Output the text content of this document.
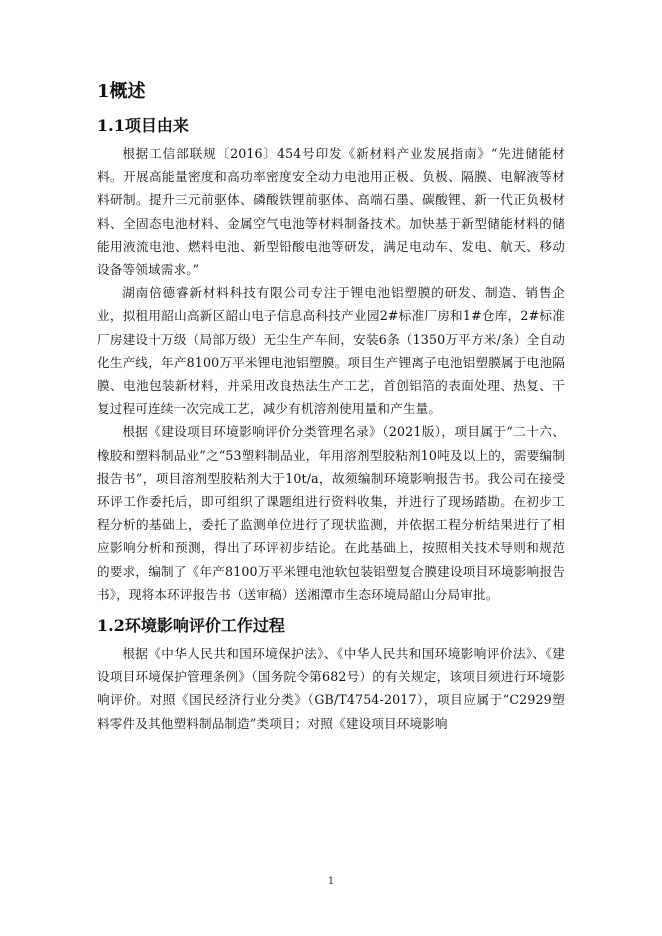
1概述
1.1项目由来

根据工信部联规〔2016〕454号印发《新材料产业发展指南》“先进储能材料。开展高能量密度和高功率密度安全动力电池用正极、负极、隔膜、电解液等材料研制。提升三元前驱体、磷酸铁锂前驱体、高端石墨、碳酸锂、新一代正负极材料、全固态电池材料、金属空气电池等材料制备技术。加快基于新型储能材料的储能用液流电池、燃料电池、新型铅酸电池等研发，满足电动车、发电、航天、移动设备等领域需求。”

湖南倍德睿新材料科技有限公司专注于锂电池铝塑膜的研发、制造、销售企业，拟租用韶山高新区韶山电子信息高科技产业园2#标准厂房和1#仓库，2#标准厂房建设十万级（局部万级）无尘生产车间，安装6条（1350万平方米/条）全自动化生产线，年产8100万平米锂电池铝塑膜。项目生产锂离子电池铝塑膜属于电池隔膜、电池包装新材料，并采用改良热法生产工艺，首创铝箔的表面处理、热复、干复过程可连续一次完成工艺，减少有机溶剂使用量和产生量。

根据《建设项目环境影响评价分类管理名录》（2021版），项目属于“二十六、橡胶和塑料制品业”之“53塑料制品业，年用溶剂型胶粘剂10吨及以上的，需要编制报告书”，项目溶剂型胶粘剂大于10t/a，故须编制环境影响报告书。我公司在接受环评工作委托后，即可组织了课题组进行资料收集，并进行了现场踏勘。在初步工程分析的基础上，委托了监测单位进行了现状监测，并依据工程分析结果进行了相应影响分析和预测，得出了环评初步结论。在此基础上，按照相关技术导则和规范的要求，编制了《年产8100万平米锂电池软包装铝塑复合膜建设项目环境影响报告书》，现将本环评报告书（送审稿）送湘潭市生态环境局韶山分局审批。

1.2环境影响评价工作过程

根据《中华人民共和国环境保护法》、《中华人民共和国环境影响评价法》、《建设项目环境保护管理条例》（国务院令第682号）的有关规定，该项目须进行环境影响评价。对照《国民经济行业分类》（GB/T4754-2017），项目应属于“C2929塑料零件及其他塑料制品制造”类项目；对照《建设项目环境影响

1
